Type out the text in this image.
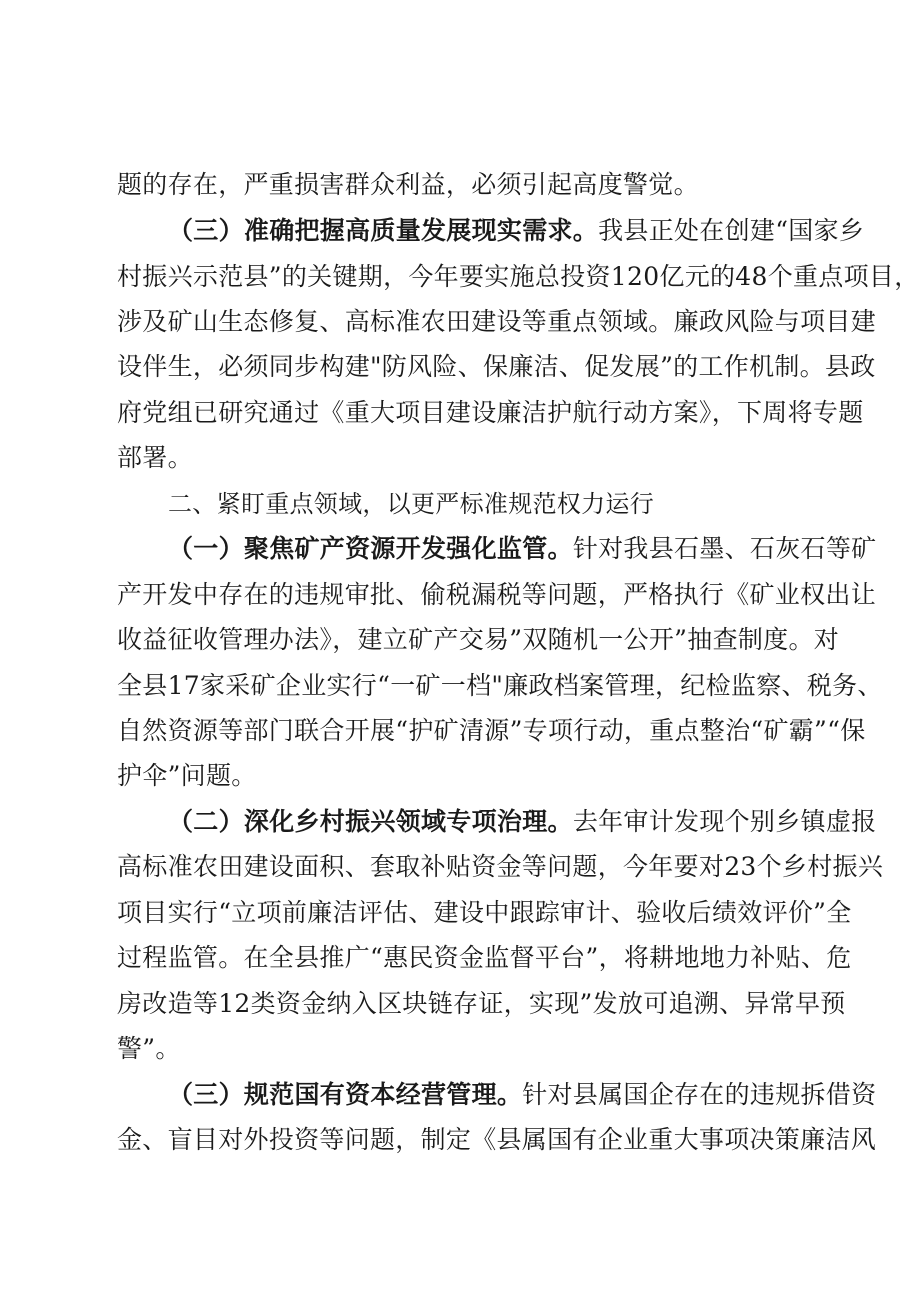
题的存在，严重损害群众利益，必须引起高度警觉。
（三）准确把握高质量发展现实需求。我县正处在创建“国家乡
村振兴示范县”的关键期，今年要实施总投资120亿元的48个重点项目，
涉及矿山生态修复、高标准农田建设等重点领域。廉政风险与项目建
设伴生，必须同步构建"防风险、保廉洁、促发展”的工作机制。县政
府党组已研究通过《重大项目建设廉洁护航行动方案》，下周将专题
部署。
二、紧盯重点领域，以更严标准规范权力运行
（一）聚焦矿产资源开发强化监管。针对我县石墨、石灰石等矿
产开发中存在的违规审批、偷税漏税等问题，严格执行《矿业权出让
收益征收管理办法》，建立矿产交易”双随机一公开”抽查制度。对
全县17家采矿企业实行“一矿一档"廉政档案管理，纪检监察、税务、
自然资源等部门联合开展“护矿清源”专项行动，重点整治“矿霸”“保
护伞”问题。
（二）深化乡村振兴领域专项治理。去年审计发现个别乡镇虚报
高标准农田建设面积、套取补贴资金等问题，今年要对23个乡村振兴
项目实行“立项前廉洁评估、建设中跟踪审计、验收后绩效评价”全
过程监管。在全县推广“惠民资金监督平台”，将耕地地力补贴、危
房改造等12类资金纳入区块链存证，实现”发放可追溯、异常早预
警”。
（三）规范国有资本经营管理。针对县属国企存在的违规拆借资
金、盲目对外投资等问题，制定《县属国有企业重大事项决策廉洁风
